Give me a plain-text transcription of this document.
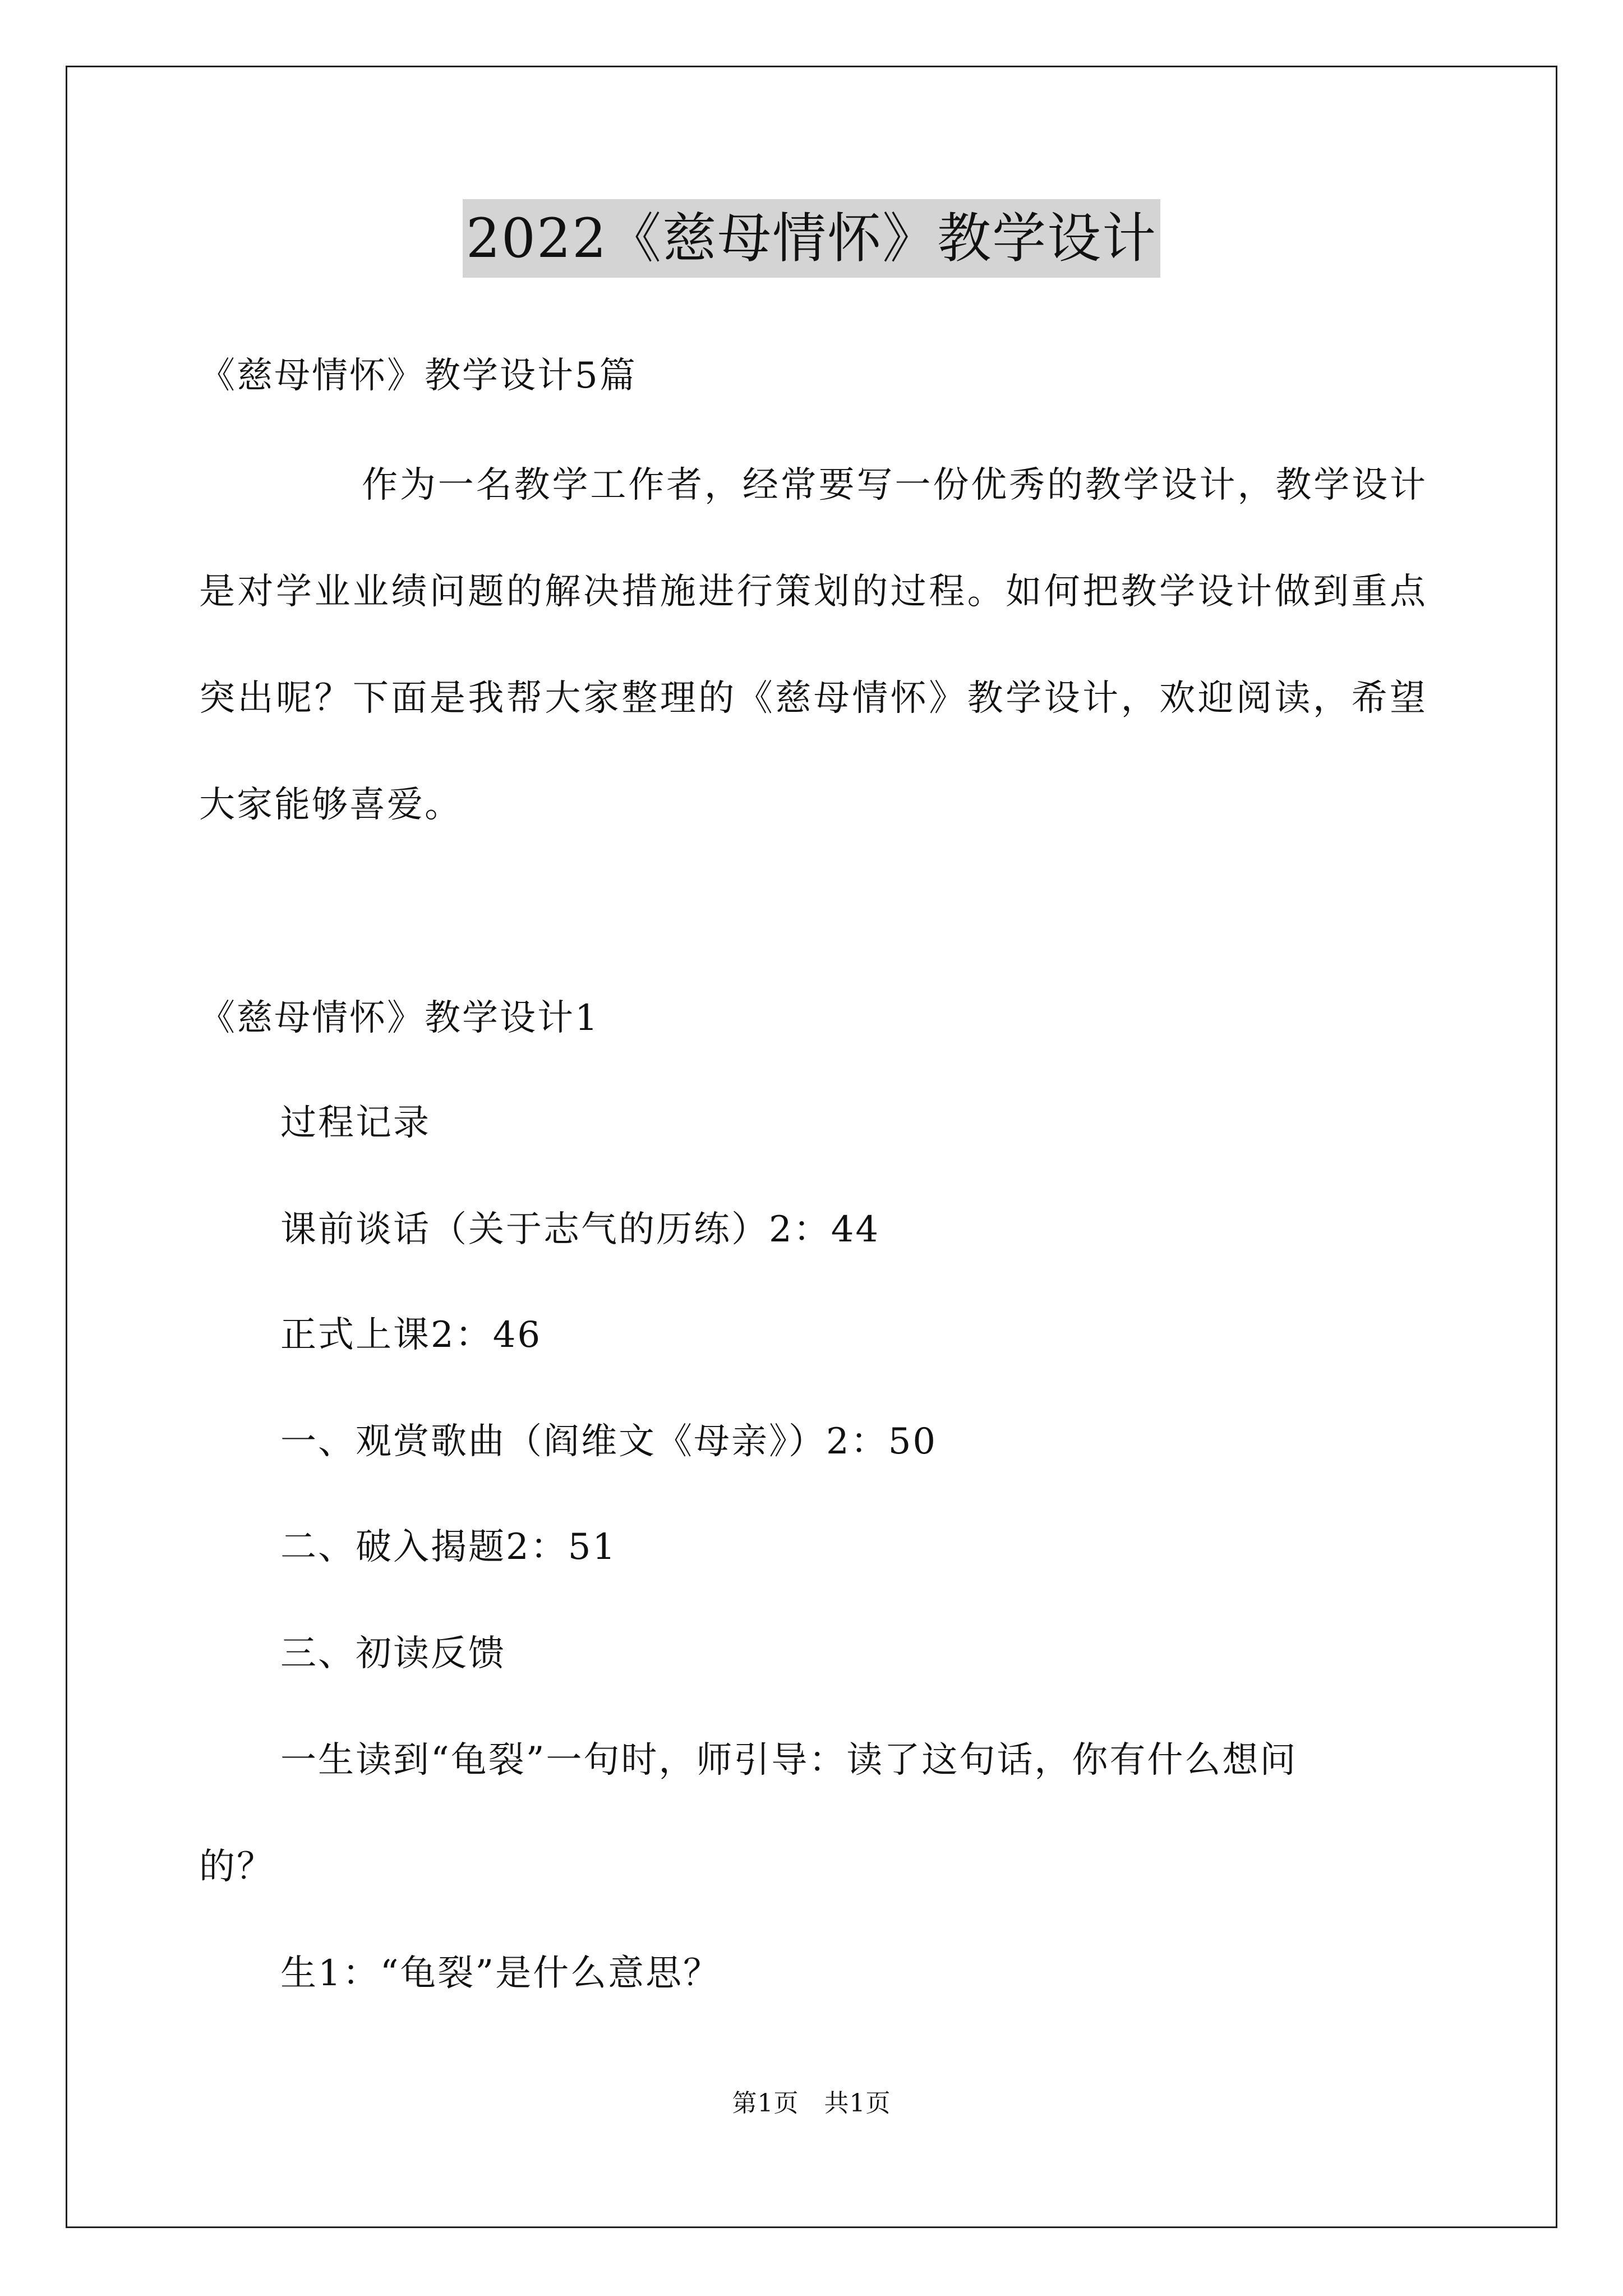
2022《慈母情怀》教学设计
《慈母情怀》教学设计5篇
作为一名教学工作者，经常要写一份优秀的教学设计，教学设计是对学业业绩问题的解决措施进行策划的过程。如何把教学设计做到重点突出呢？下面是我帮大家整理的《慈母情怀》教学设计，欢迎阅读，希望大家能够喜爱。
《慈母情怀》教学设计1
过程记录
课前谈话（关于志气的历练）2：44
正式上课2：46
一、观赏歌曲（阎维文《母亲》）2：50
二、破入揭题2：51
三、初读反馈
一生读到“龟裂”一句时，师引导：读了这句话，你有什么想问
的？
生1：“龟裂”是什么意思？
第1页　共1页
